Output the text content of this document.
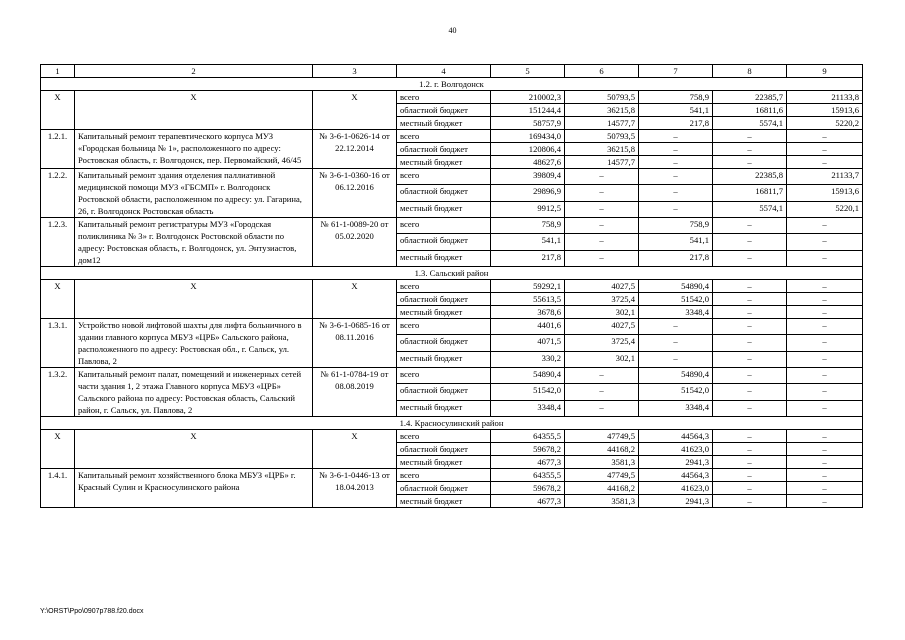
40
1	2	3	4	5	6	7	8	9
1.2. г. Волгодонск								
X	X	X	всего	210002,3	50793,5	758,9	22385,7	21133,8
			областной бюджет	151244,4	36215,8	541,1	16811,6	15913,6
			местный бюджет	58757,9	14577,7	217,8	5574,1	5220,2
1.2.1.	Капитальный ремонт терапевтического корпуса МУЗ «Городская больница № 1», расположенного по адресу: Ростовская область, г. Волгодонск, пер. Первомайский, 46/45	№ 3-6-1-0626-14 от 22.12.2014	всего	169434,0	50793,5	–	–	–
			областной бюджет	120806,4	36215,8	–	–	–
			местный бюджет	48627,6	14577,7	–	–	–
1.2.2.	Капитальный ремонт здания отделения паллиативной медицинской помощи МУЗ «ГБСМП» г. Волгодонск Ростовской области, расположенном по адресу: ул. Гагарина, 26, г. Волгодонск Ростовская область	№ 3-6-1-0360-16 от 06.12.2016	всего	39809,4	–	–	22385,8	21133,7
			областной бюджет	29896,9	–	–	16811,7	15913,6
			местный бюджет	9912,5	–	–	5574,1	5220,1
1.2.3.	Капитальный ремонт регистратуры МУЗ «Городская поликлиника № 3» г. Волгодонск Ростовской области по адресу: Ростовская область, г. Волгодонск, ул. Энтузиастов, дом12	№ 61-1-0089-20 от 05.02.2020	всего	758,9	–	758,9	–	–
			областной бюджет	541,1	–	541,1	–	–
			местный бюджет	217,8	–	217,8	–	–
1.3. Сальский район								
X	X	X	всего	59292,1	4027,5	54890,4	–	–
			областной бюджет	55613,5	3725,4	51542,0	–	–
			местный бюджет	3678,6	302,1	3348,4	–	–
1.3.1.	Устройство новой лифтовой шахты для лифта больничного в здании главного корпуса МБУЗ «ЦРБ» Сальского района, расположенного по адресу: Ростовская обл., г. Сальск, ул. Павлова, 2	№ 3-6-1-0685-16 от 08.11.2016	всего	4401,6	4027,5	–	–	–
			областной бюджет	4071,5	3725,4	–	–	–
			местный бюджет	330,2	302,1	–	–	–
1.3.2.	Капитальный ремонт палат, помещений и инженерных сетей части здания 1, 2 этажа Главного корпуса МБУЗ «ЦРБ» Сальского района по адресу: Ростовская область, Сальский район, г. Сальск, ул. Павлова, 2	№ 61-1-0784-19 от 08.08.2019	всего	54890,4	–	54890,4	–	–
			областной бюджет	51542,0	–	51542,0	–	–
			местный бюджет	3348,4	–	3348,4	–	–
1.4. Красносулинский район								
X	X	X	всего	64355,5	47749,5	44564,3	–	–
			областной бюджет	59678,2	44168,2	41623,0	–	–
			местный бюджет	4677,3	3581,3	2941,3	–	–
1.4.1.	Капитальный ремонт хозяйственного блока МБУЗ «ЦРБ» г. Красный Сулин и Красносулинского района	№ 3-6-1-0446-13 от 18.04.2013	всего	64355,5	47749,5	44564,3	–	–
			областной бюджет	59678,2	44168,2	41623,0	–	–
			местный бюджет	4677,3	3581,3	2941,3	–	–
Y:\ORST\Ppo\0907p788.f20.docx
